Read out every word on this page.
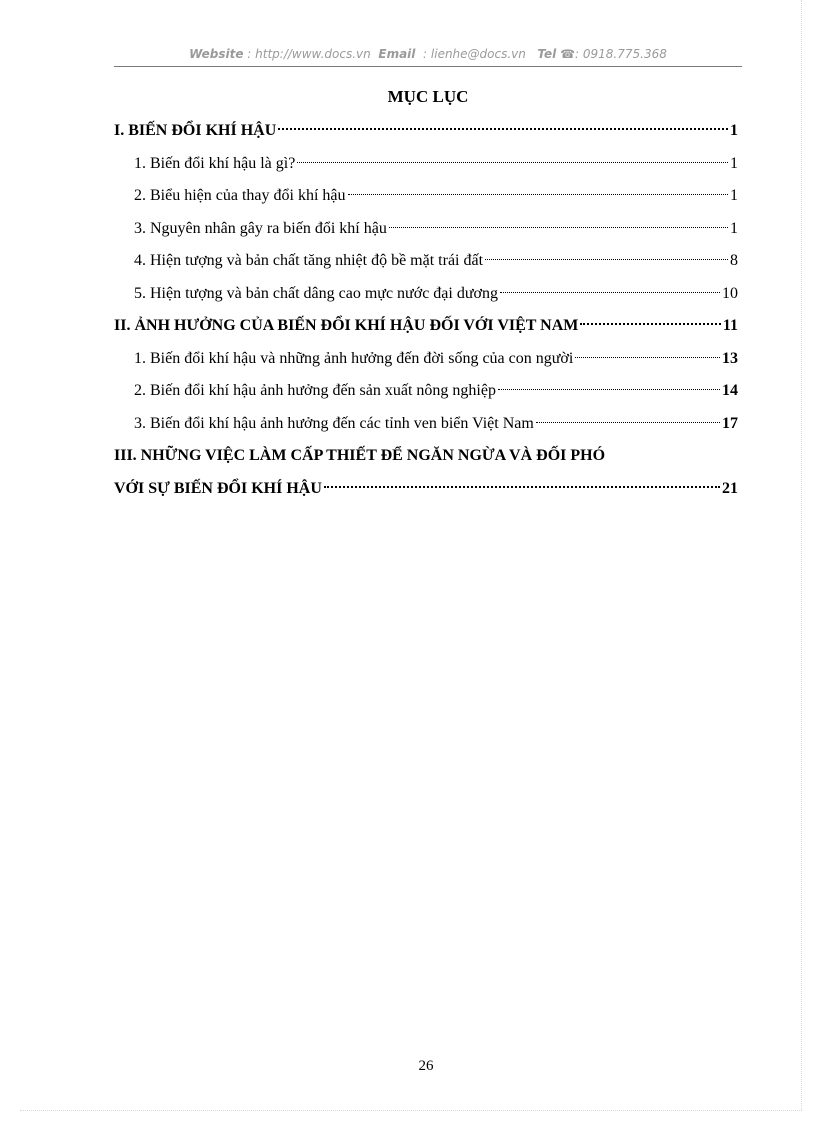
Website : http://www.docs.vn Email : lienhe@docs.vn Tel ☎: 0918.775.368
MỤC LỤC
I. BIẾN ĐỔI KHÍ HẬU	1
1. Biến đổi khí hậu là gì?	1
2. Biểu hiện của thay đổi khí hậu	1
3. Nguyên nhân gây ra biến đổi khí hậu	1
4. Hiện tượng và bản chất tăng nhiệt độ bề mặt trái đất	8
5. Hiện tượng và bản chất dâng cao mực nước đại dương	10
II. ẢNH HƯỞNG CỦA BIẾN ĐỔI KHÍ HẬU ĐỐI VỚI VIỆT NAM	11
1. Biến đổi khí hậu và những ảnh hưởng đến đời sống của con người	13
2. Biến đổi khí hậu ảnh hưởng đến sản xuất nông nghiệp	14
3. Biến đổi khí hậu ảnh hưởng đến các tỉnh ven biển Việt Nam	17
III. NHỮNG VIỆC LÀM CẤP THIẾT ĐỂ NGĂN NGỪA VÀ ĐỐI PHÓ
VỚI SỰ BIẾN ĐỔI KHÍ HẬU	21
26
